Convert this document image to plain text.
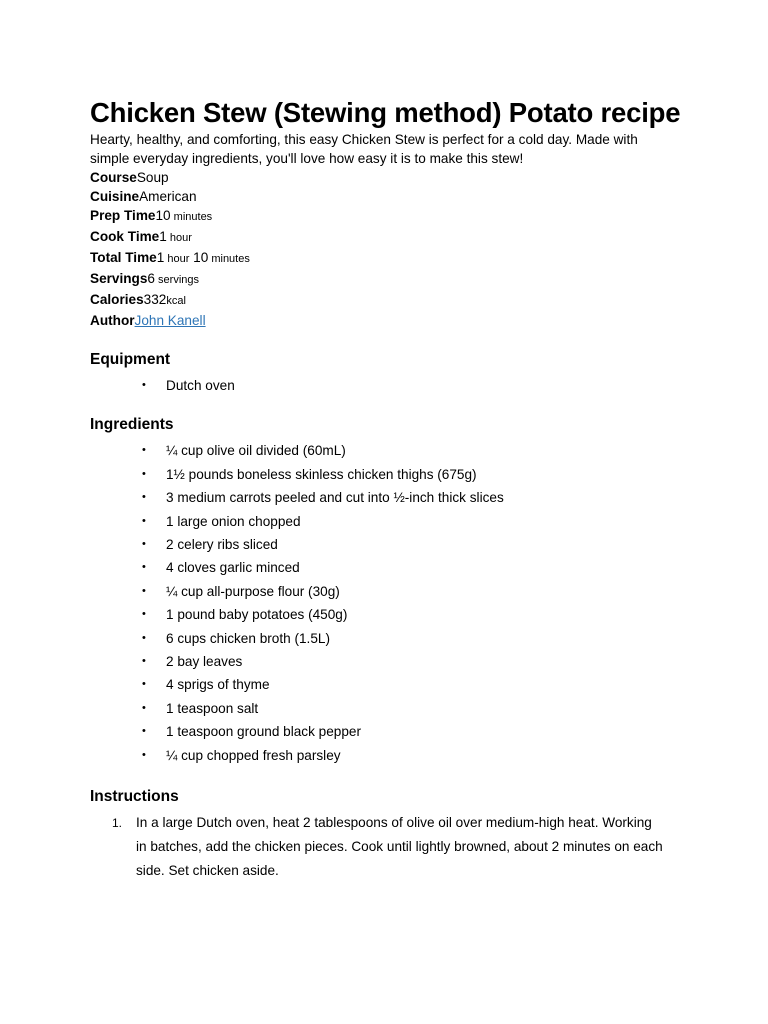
Chicken Stew (Stewing method) Potato recipe

Hearty, healthy, and comforting, this easy Chicken Stew is perfect for a cold day. Made with simple everyday ingredients, you'll love how easy it is to make this stew!

CourseSoup

CuisineAmerican

Prep Time10 minutes

Cook Time1 hour

Total Time1 hour 10 minutes

Servings6 servings

Calories332kcal

AuthorJohn Kanell

Equipment
• Dutch oven
Ingredients
• ¼ cup olive oil divided (60mL)
• 1½ pounds boneless skinless chicken thighs (675g)
• 3 medium carrots peeled and cut into ½-inch thick slices
• 1 large onion chopped
• 2 celery ribs sliced
• 4 cloves garlic minced
• ¼ cup all-purpose flour (30g)
• 1 pound baby potatoes (450g)
• 6 cups chicken broth (1.5L)
• 2 bay leaves
• 4 sprigs of thyme
• 1 teaspoon salt
• 1 teaspoon ground black pepper
• ¼ cup chopped fresh parsley
Instructions
1. In a large Dutch oven, heat 2 tablespoons of olive oil over medium-high heat. Working in batches, add the chicken pieces. Cook until lightly browned, about 2 minutes on each side. Set chicken aside.
